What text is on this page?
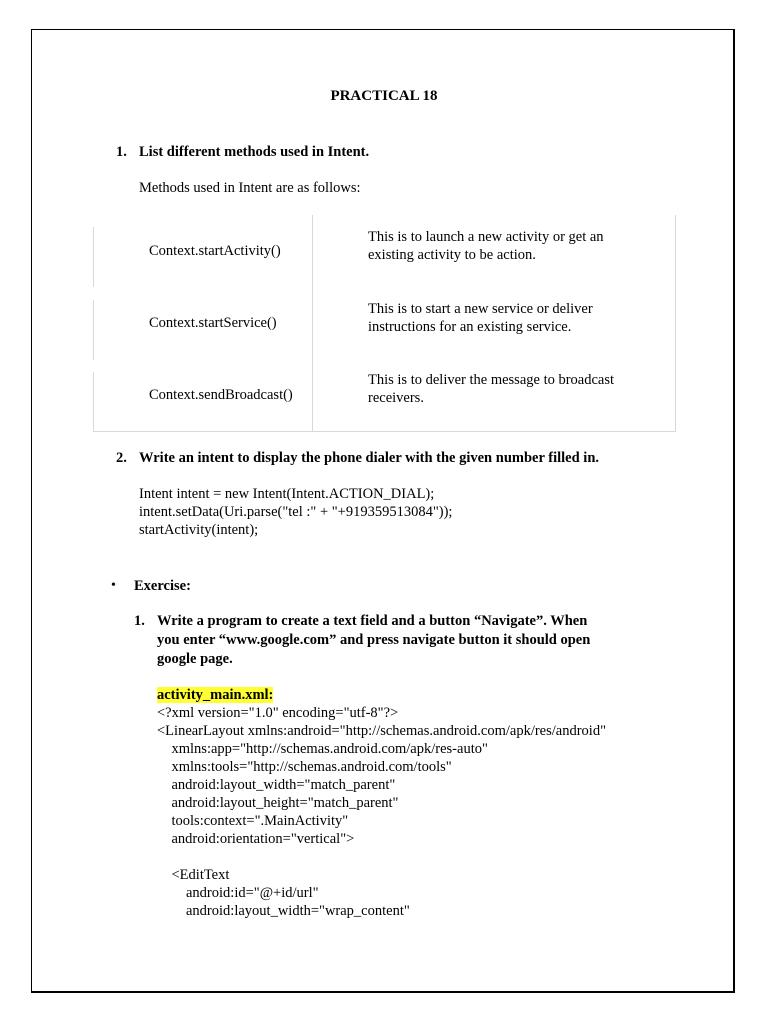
PRACTICAL 18
1. List different methods used in Intent.
Methods used in Intent are as follows:
Context.startActivity()
This is to launch a new activity or get an
existing activity to be action.
Context.startService()
This is to start a new service or deliver
instructions for an existing service.
Context.sendBroadcast()
This is to deliver the message to broadcast
receivers.
2. Write an intent to display the phone dialer with the given number filled in.
Intent intent = new Intent(Intent.ACTION_DIAL);
intent.setData(Uri.parse("tel :" + "+919359513084"));
startActivity(intent);
• Exercise:
1. Write a program to create a text field and a button “Navigate”. When
you enter “www.google.com” and press navigate button it should open
google page.
activity_main.xml:
<?xml version="1.0" encoding="utf-8"?>
<LinearLayout xmlns:android="http://schemas.android.com/apk/res/android"
xmlns:app="http://schemas.android.com/apk/res-auto"
xmlns:tools="http://schemas.android.com/tools"
android:layout_width="match_parent"
android:layout_height="match_parent"
tools:context=".MainActivity"
android:orientation="vertical">
<EditText
android:id="@+id/url"
android:layout_width="wrap_content"
